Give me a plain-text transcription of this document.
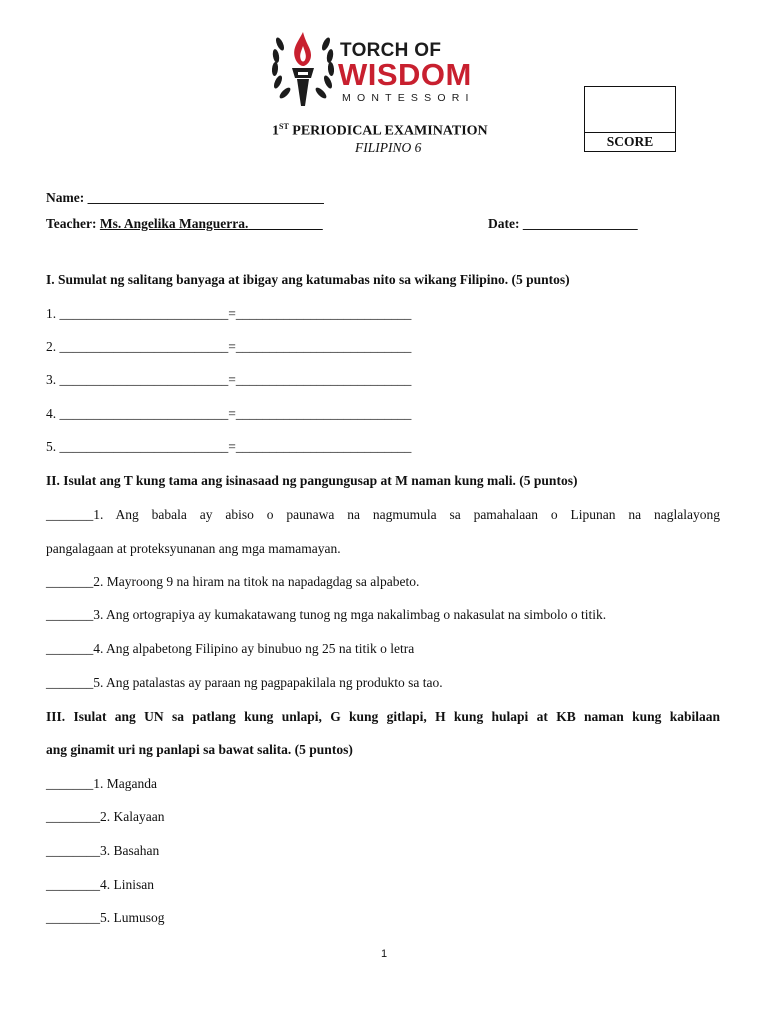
TORCH OF
WISDOM
MONTESSORI
1ST PERIODICAL EXAMINATION
FILIPINO 6	SCORE
Name: ___________________________________
Teacher: Ms. Angelika Manguerra.___________	Date: _________________
I. Sumulat ng salitang banyaga at ibigay ang katumabas nito sa wikang Filipino. (5 puntos)
1. _________________________=__________________________
2. _________________________=__________________________
3. _________________________=__________________________
4. _________________________=__________________________
5. _________________________=__________________________
II. Isulat ang T kung tama ang isinasaad ng pangungusap at M naman kung mali. (5 puntos)
_______1. Ang babala ay abiso o paunawa na nagmumula sa pamahalaan o Lipunan na naglalayong
pangalagaan at proteksyunanan ang mga mamamayan.
_______2. Mayroong 9 na hiram na titok na napadagdag sa alpabeto.
_______3. Ang ortograpiya ay kumakatawang tunog ng mga nakalimbag o nakasulat na simbolo o titik.
_______4. Ang alpabetong Filipino ay binubuo ng 25 na titik o letra
_______5. Ang patalastas ay paraan ng pagpapakilala ng produkto sa tao.
III. Isulat ang UN sa patlang kung unlapi, G kung gitlapi, H kung hulapi at KB naman kung kabilaan
ang ginamit uri ng panlapi sa bawat salita. (5 puntos)
_______1. Maganda
________2. Kalayaan
________3. Basahan
________4. Linisan
________5. Lumusog
1
